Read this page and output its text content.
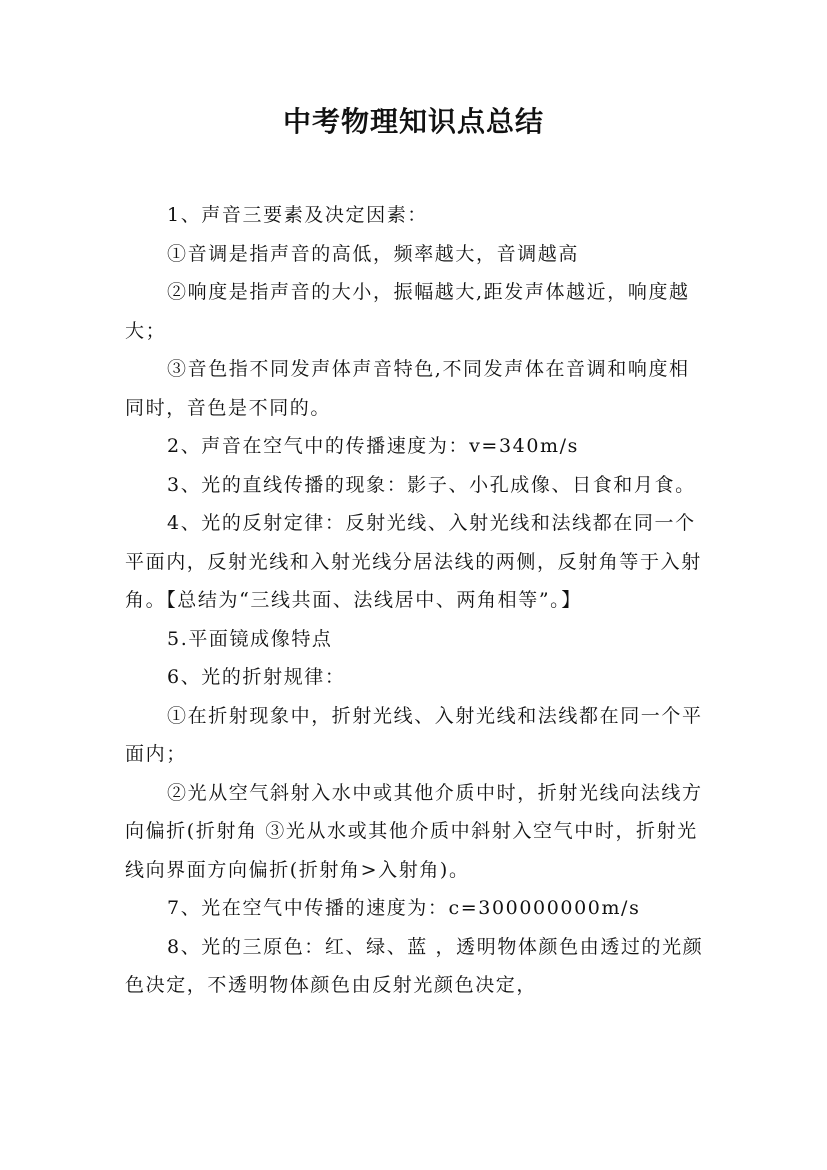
中考物理知识点总结

1、声音三要素及决定因素：

①音调是指声音的高低，频率越大，音调越高

②响度是指声音的大小，振幅越大,距发声体越近，响度越大；

③音色指不同发声体声音特色,不同发声体在音调和响度相同时，音色是不同的。

2、声音在空气中的传播速度为：v=340m/s

3、光的直线传播的现象：影子、小孔成像、日食和月食。

4、光的反射定律：反射光线、入射光线和法线都在同一个平面内，反射光线和入射光线分居法线的两侧，反射角等于入射角。【总结为“三线共面、法线居中、两角相等”。】

5.平面镜成像特点

6、光的折射规律：

①在折射现象中，折射光线、入射光线和法线都在同一个平面内；

②光从空气斜射入水中或其他介质中时，折射光线向法线方向偏折(折射角 ③光从水或其他介质中斜射入空气中时，折射光线向界面方向偏折(折射角>入射角)。

7、光在空气中传播的速度为：c=300000000m/s

8、光的三原色：红、绿、蓝 ，透明物体颜色由透过的光颜色决定，不透明物体颜色由反射光颜色决定，
